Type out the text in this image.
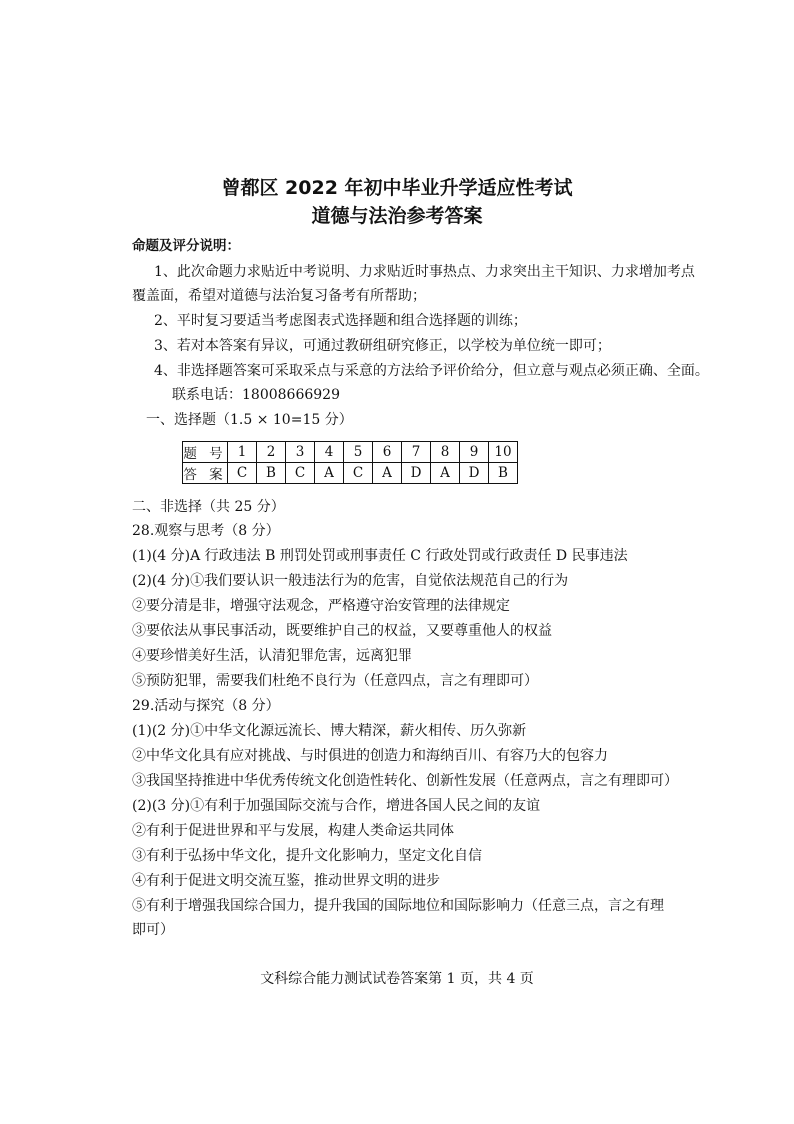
曾都区 2022 年初中毕业升学适应性考试
道德与法治参考答案
命题及评分说明：
1、此次命题力求贴近中考说明、力求贴近时事热点、力求突出主干知识、力求增加考点
覆盖面，希望对道德与法治复习备考有所帮助；
2、平时复习要适当考虑图表式选择题和组合选择题的训练；
3、若对本答案有异议，可通过教研组研究修正，以学校为单位统一即可；
4、非选择题答案可采取采点与采意的方法给予评价给分，但立意与观点必须正确、全面。
联系电话：18008666929
一、选择题（1.5 × 10=15 分）
题 号	1	2	3	4	5	6	7	8	9	10
答 案	C	B	C	A	C	A	D	A	D	B
二、非选择（共 25 分）
28.观察与思考（8 分）
(1)(4 分)A 行政违法 B 刑罚处罚或刑事责任 C 行政处罚或行政责任 D 民事违法
(2)(4 分)①我们要认识一般违法行为的危害，自觉依法规范自己的行为
②要分清是非，增强守法观念，严格遵守治安管理的法律规定
③要依法从事民事活动，既要维护自己的权益，又要尊重他人的权益
④要珍惜美好生活，认清犯罪危害，远离犯罪
⑤预防犯罪，需要我们杜绝不良行为（任意四点，言之有理即可）
29.活动与探究（8 分）
(1)(2 分)①中华文化源远流长、博大精深，薪火相传、历久弥新
②中华文化具有应对挑战、与时俱进的创造力和海纳百川、有容乃大的包容力
③我国坚持推进中华优秀传统文化创造性转化、创新性发展（任意两点，言之有理即可）
(2)(3 分)①有利于加强国际交流与合作，增进各国人民之间的友谊
②有利于促进世界和平与发展，构建人类命运共同体
③有利于弘扬中华文化，提升文化影响力，坚定文化自信
④有利于促进文明交流互鉴，推动世界文明的进步
⑤有利于增强我国综合国力，提升我国的国际地位和国际影响力（任意三点，言之有理
即可）
文科综合能力测试试卷答案第 1 页，共 4 页
